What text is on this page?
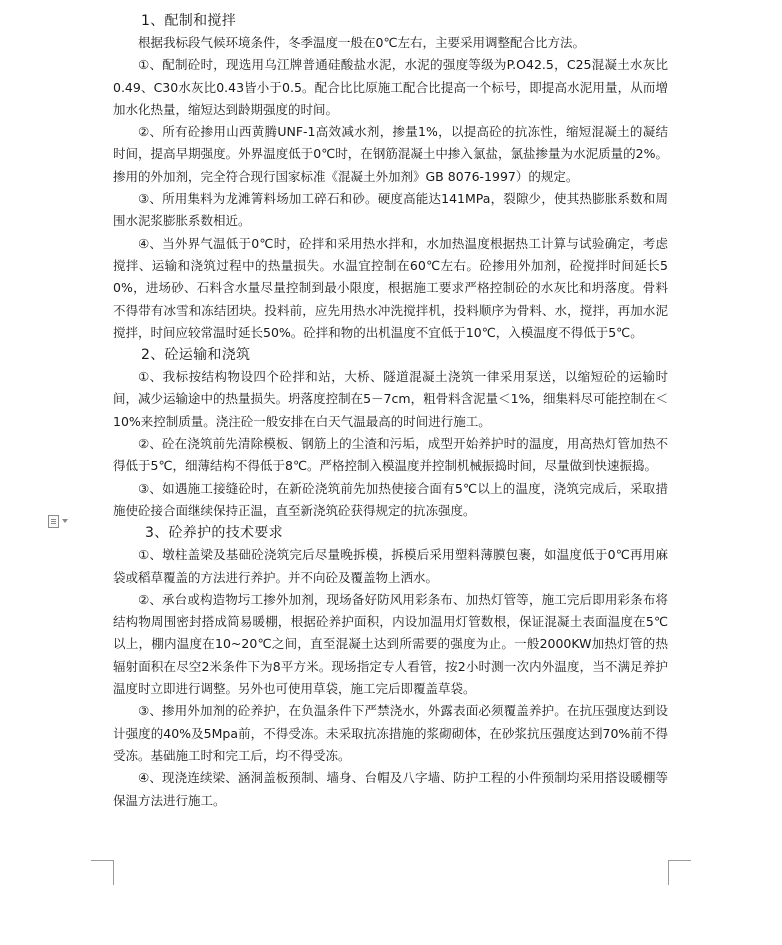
1、配制和搅拌

根据我标段气候环境条件，冬季温度一般在0℃左右，主要采用调整配合比方法。

①、配制砼时，现选用乌江牌普通硅酸盐水泥，水泥的强度等级为P.O42.5，C25混凝土水灰比0.49、C30水灰比0.43皆小于0.5。配合比比原施工配合比提高一个标号，即提高水泥用量，从而增加水化热量，缩短达到龄期强度的时间。

②、所有砼掺用山西黄腾UNF-1高效减水剂，掺量1%，以提高砼的抗冻性，缩短混凝土的凝结时间，提高早期强度。外界温度低于0℃时，在钢筋混凝土中掺入氯盐，氯盐掺量为水泥质量的2%。掺用的外加剂，完全符合现行国家标准《混凝土外加剂》GB 8076-1997）的规定。

③、所用集料为龙滩箐料场加工碎石和砂。硬度高能达141MPa，裂隙少，使其热膨胀系数和周围水泥浆膨胀系数相近。

④、当外界气温低于0℃时，砼拌和采用热水拌和，水加热温度根据热工计算与试验确定，考虑搅拌、运输和浇筑过程中的热量损失。水温宜控制在60℃左右。砼掺用外加剂，砼搅拌时间延长50%，进场砂、石料含水量尽量控制到最小限度，根据施工要求严格控制砼的水灰比和坍落度。骨料不得带有冰雪和冻结团块。投料前，应先用热水冲洗搅拌机，投料顺序为骨料、水，搅拌，再加水泥搅拌，时间应较常温时延长50%。砼拌和物的出机温度不宜低于10℃，入模温度不得低于5℃。

2、砼运输和浇筑

①、我标按结构物设四个砼拌和站，大桥、隧道混凝土浇筑一律采用泵送，以缩短砼的运输时间，减少运输途中的热量损失。坍落度控制在5－7cm，粗骨料含泥量＜1%，细集料尽可能控制在＜10%来控制质量。浇注砼一般安排在白天气温最高的时间进行施工。

②、砼在浇筑前先清除模板、钢筋上的尘渣和污垢，成型开始养护时的温度，用高热灯管加热不得低于5℃，细薄结构不得低于8℃。严格控制入模温度并控制机械振捣时间，尽量做到快速振捣。

③、如遇施工接缝砼时，在新砼浇筑前先加热使接合面有5℃以上的温度，浇筑完成后，采取措施使砼接合面继续保持正温，直至新浇筑砼获得规定的抗冻强度。

3、砼养护的技术要求

①、墩柱盖梁及基础砼浇筑完后尽量晚拆模，拆模后采用塑料薄膜包裹，如温度低于0℃再用麻袋或稻草覆盖的方法进行养护。并不向砼及覆盖物上洒水。

②、承台或构造物圬工掺外加剂，现场备好防风用彩条布、加热灯管等，施工完后即用彩条布将结构物周围密封搭成简易暖棚，根据砼养护面积，内设加温用灯管数根，保证混凝土表面温度在5℃以上，棚内温度在10~20℃之间，直至混凝土达到所需要的强度为止。一般2000KW加热灯管的热辐射面积在尽空2米条件下为8平方米。现场指定专人看管，按2小时测一次内外温度，当不满足养护温度时立即进行调整。另外也可使用草袋，施工完后即覆盖草袋。

③、掺用外加剂的砼养护，在负温条件下严禁浇水，外露表面必须覆盖养护。在抗压强度达到设计强度的40%及5Mpa前，不得受冻。未采取抗冻措施的浆砌砌体，在砂浆抗压强度达到70%前不得受冻。基础施工时和完工后，均不得受冻。

④、现浇连续梁、涵洞盖板预制、墙身、台帽及八字墙、防护工程的小件预制均采用搭设暖棚等保温方法进行施工。
